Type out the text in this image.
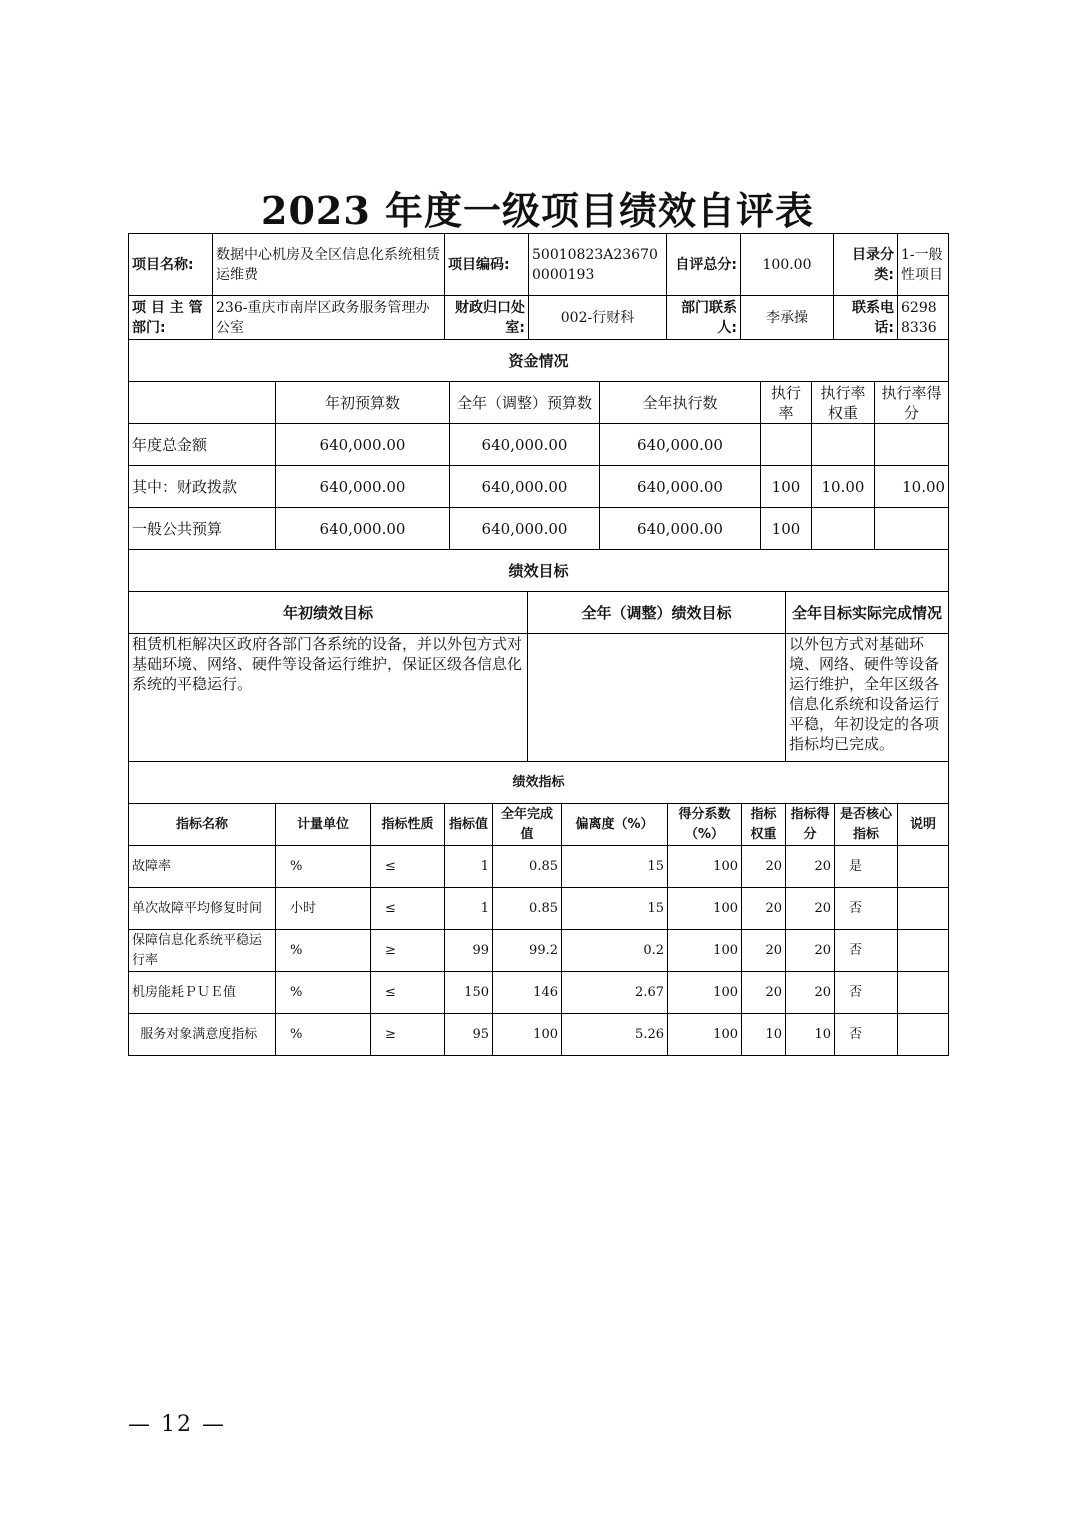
2023 年度一级项目绩效自评表
项目名称:	数据中心机房及全区信息化系统租赁运维费	项目编码:	50010823A236700000193	自评总分:	100.00	目录分类:	1-一般性项目
项 目 主 管部门:	236-重庆市南岸区政务服务管理办公室	财政归口处室:	002-行财科	部门联系人:	李承操	联系电话:	62988336
资金情况						
	年初预算数	全年（调整）预算数	全年执行数	执行率	执行率权重	执行率得分
年度总金额	640,000.00	640,000.00	640,000.00			
其中：财政拨款	640,000.00	640,000.00	640,000.00	100	10.00	10.00
一般公共预算	640,000.00	640,000.00	640,000.00	100		
绩效目标		
年初绩效目标	全年（调整）绩效目标	全年目标实际完成情况
租赁机柜解决区政府各部门各系统的设备，并以外包方式对基础环境、网络、硬件等设备运行维护，保证区级各信息化系统的平稳运行。		以外包方式对基础环境、网络、硬件等设备运行维护，全年区级各信息化系统和设备运行平稳，年初设定的各项指标均已完成。
绩效指标										
指标名称	计量单位	指标性质	指标值	全年完成值	偏离度（%）	得分系数（%）	指标权重	指标得分	是否核心指标	说明
故障率	%	≤	1	0.85	15	100	20	20	是	
单次故障平均修复时间	小时	≤	1	0.85	15	100	20	20	否	
保障信息化系统平稳运行率	%	≥	99	99.2	0.2	100	20	20	否	
机房能耗ＰＵＥ值	%	≤	150	146	2.67	100	20	20	否	
服务对象满意度指标	%	≥	95	100	5.26	100	10	10	否	
— 12 —
